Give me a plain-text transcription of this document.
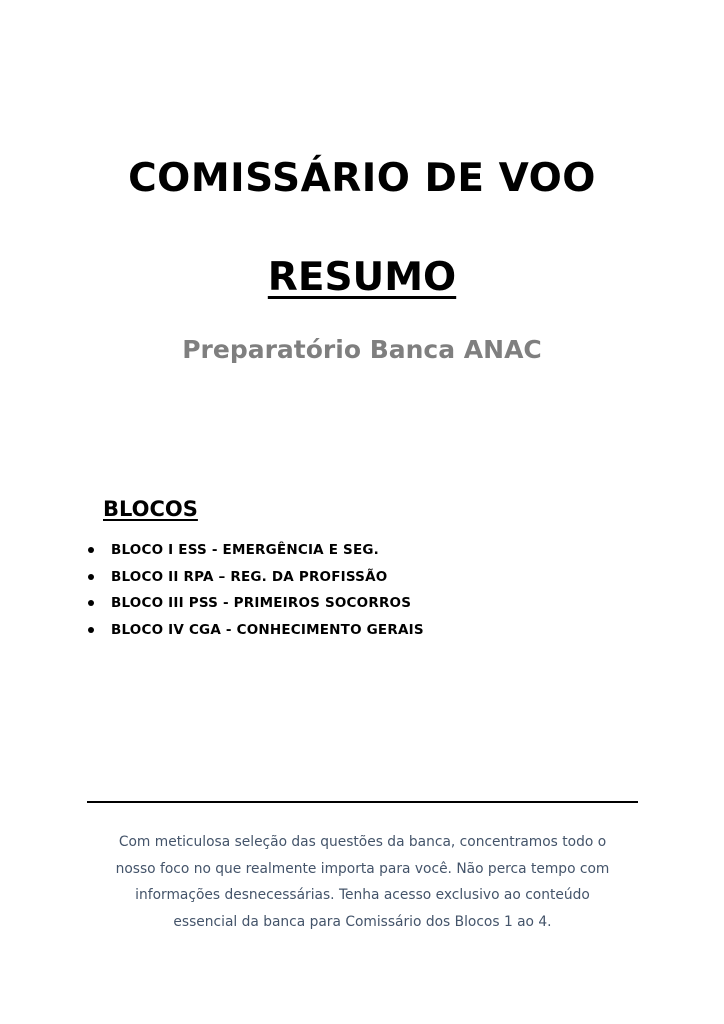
COMISSÁRIO DE VOO
RESUMO
Preparatório Banca ANAC
BLOCOS
BLOCO I ESS - EMERGÊNCIA E SEG.
BLOCO II RPA – REG. DA PROFISSÃO
BLOCO III PSS - PRIMEIROS SOCORROS
BLOCO IV CGA - CONHECIMENTO GERAIS
Com meticulosa seleção das questões da banca, concentramos todo o
nosso foco no que realmente importa para você. Não perca tempo com
informações desnecessárias. Tenha acesso exclusivo ao conteúdo
essencial da banca para Comissário dos Blocos 1 ao 4.
